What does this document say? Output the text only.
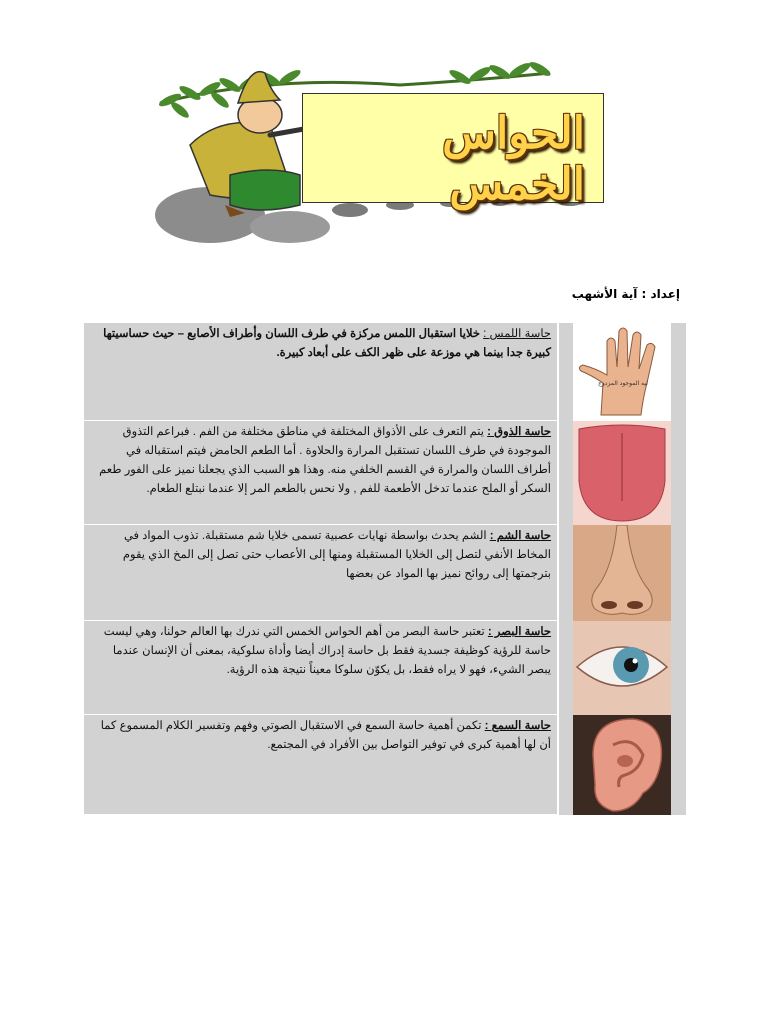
الحواس الخمس
إعداد : آية الأشهب
حاسة اللمس : خلايا استقبال اللمس مركزة في طرف اللسان وأطراف الأصابع – حيث حساسيتها كبيرة جدا بينما هي موزعة على ظهر الكف على أبعاد كبيرة.
ليه الموجود المزدوج
حاسة الذوق : يتم التعرف على الأذواق المختلفة في مناطق مختلفة من الفم . فبراعم التذوق الموجودة في طرف اللسان تستقبل المرارة والحلاوة . أما الطعم الحامض فيتم استقباله في أطراف اللسان والمرارة في القسم الخلفي منه. وهذا هو السبب الذي يجعلنا نميز على الفور طعم السكر أو الملح عندما تدخل الأطعمة للفم , ولا نحس بالطعم المر إلا عندما نبتلع الطعام.
حاسة الشم : الشم يحدث بواسطة نهايات عصبية تسمى خلايا شم مستقبلة. تذوب المواد في المخاط الأنفي لتصل إلى الخلايا المستقبلة ومنها إلى الأعصاب حتى تصل إلى المخ الذي يقوم بترجمتها إلى روائح نميز بها المواد عن بعضها
حاسة البصر : تعتبر حاسة البصر من أهم الحواس الخمس التي ندرك بها العالم حولنا، وهي ليست حاسة للرؤية كوظيفة جسدية فقط بل حاسة إدراك أيضا وأداة سلوكية، بمعنى أن الإنسان عندما يبصر الشيء، فهو لا يراه فقط، بل يكوّن سلوكا معيناً نتيجة هذه الرؤية.
حاسة السمع : تكمن أهمية حاسة السمع في الاستقبال الصوتي وفهم وتفسير الكلام المسموع كما أن لها أهمية كبرى في توفير التواصل بين الأفراد في المجتمع.
